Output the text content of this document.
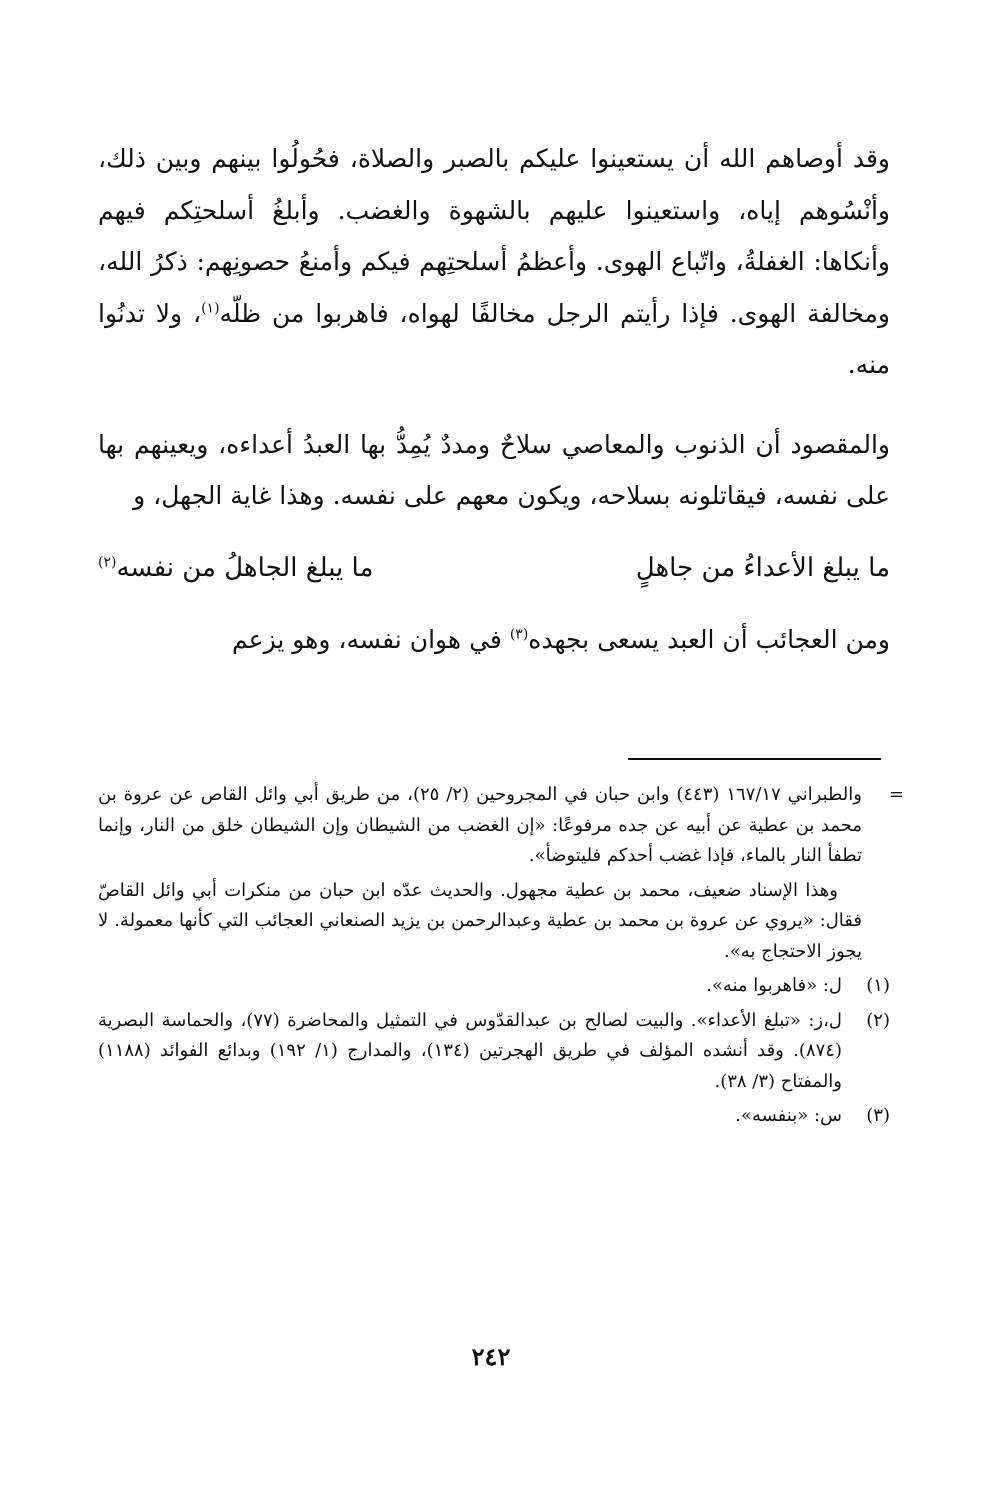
وقد أوصاهم الله أن يستعينوا عليكم بالصبر والصلاة، فحُولُوا بينهم وبين ذلك، وأنْسُوهم إياه، واستعينوا عليهم بالشهوة والغضب. وأبلغُ أسلحتِكم فيهم وأنكاها: الغفلةُ، واتّباع الهوى. وأعظمُ أسلحتِهم فيكم وأمنعُ حصونِهم: ذكرُ الله، ومخالفة الهوى. فإذا رأيتم الرجل مخالفًا لهواه، فاهربوا من ظلّه$^{(١)}$، ولا تدنُوا منه.

والمقصود أن الذنوب والمعاصي سلاحٌ ومددٌ يُمِدُّ بها العبدُ أعداءه، ويعينهم بها على نفسه، فيقاتلونه بسلاحه، ويكون معهم على نفسه. وهذا غاية الجهل، و

ما يبلغ الأعداءُ من جاهلٍ
ما يبلغ الجاهلُ من نفسه$^{(٢)}$

ومن العجائب أن العبد يسعى بجهده$^{(٣)}$ في هوان نفسه، وهو يزعم

=
والطبراني ١٦٧/١٧ (٤٤٣) وابن حبان في المجروحين (٢/ ٢٥)، من طريق أبي وائل القاص عن عروة بن محمد بن عطية عن أبيه عن جده مرفوعًا: «إن الغضب من الشيطان وإن الشيطان خلق من النار، وإنما تطفأ النار بالماء، فإذا غضب أحدكم فليتوضأ».

وهذا الإسناد ضعيف، محمد بن عطية مجهول. والحديث عدّه ابن حبان من منكرات أبي وائل القاصّ فقال: «يروي عن عروة بن محمد بن عطية وعبدالرحمن بن يزيد الصنعاني العجائب التي كأنها معمولة. لا يجوز الاحتجاج به».

(١)
ل: «فاهربوا منه».
(٢)
ل،ز: «تبلغ الأعداء». والبيت لصالح بن عبدالقدّوس في التمثيل والمحاضرة (٧٧)، والحماسة البصرية (٨٧٤). وقد أنشده المؤلف في طريق الهجرتين (١٣٤)، والمدارج (١/ ١٩٢) وبدائع الفوائد (١١٨٨) والمفتاح (٣/ ٣٨).
(٣)
س: «بنفسه».
٢٤٢
